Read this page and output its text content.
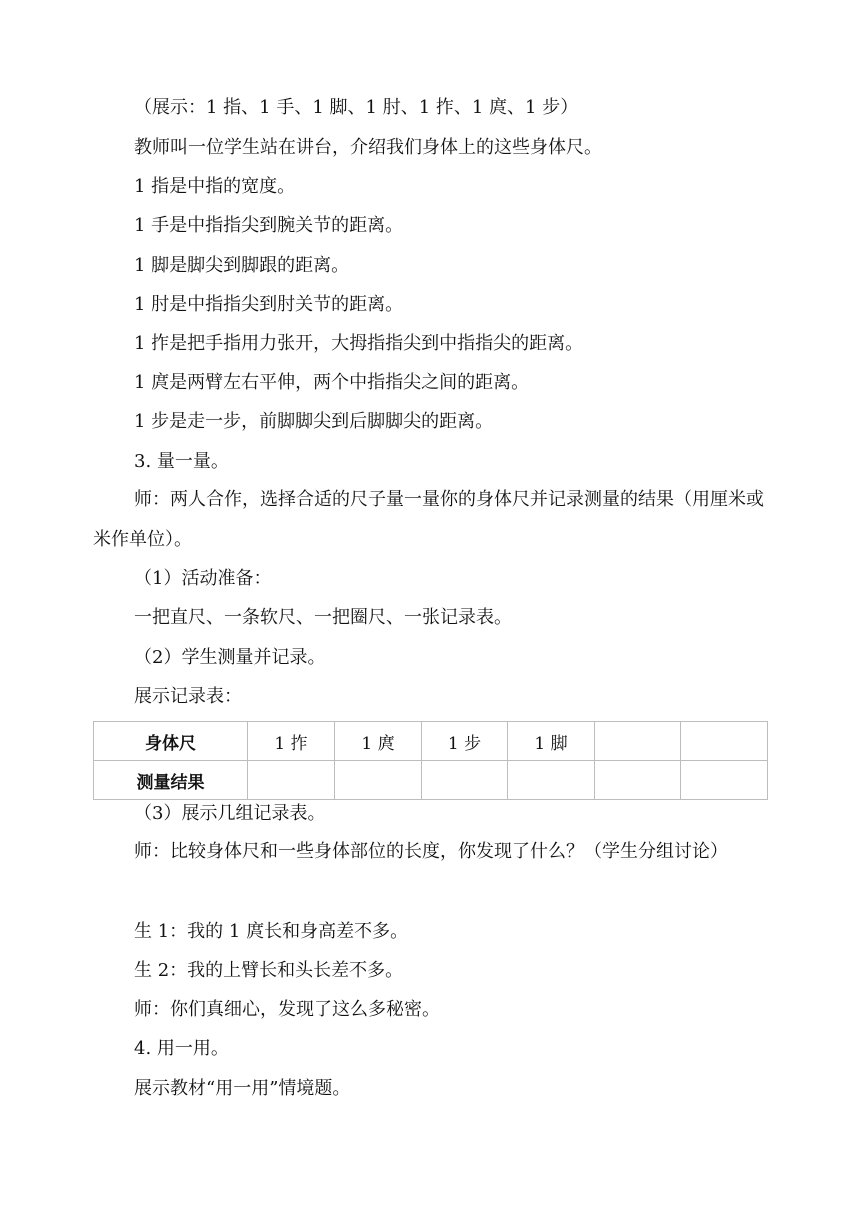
（展示：1 指、1 手、1 脚、1 肘、1 拃、1 庹、1 步）
教师叫一位学生站在讲台，介绍我们身体上的这些身体尺。
1 指是中指的宽度。
1 手是中指指尖到腕关节的距离。
1 脚是脚尖到脚跟的距离。
1 肘是中指指尖到肘关节的距离。
1 拃是把手指用力张开，大拇指指尖到中指指尖的距离。
1 庹是两臂左右平伸，两个中指指尖之间的距离。
1 步是走一步，前脚脚尖到后脚脚尖的距离。
3. 量一量。
师：两人合作，选择合适的尺子量一量你的身体尺并记录测量的结果（用厘米或米作单位）。
（1）活动准备：
一把直尺、一条软尺、一把圈尺、一张记录表。
（2）学生测量并记录。
展示记录表：
身体尺	1 拃	1 庹	1 步	1 脚		
测量结果						
（3）展示几组记录表。
师：比较身体尺和一些身体部位的长度，你发现了什么？（学生分组讨论）
生 1：我的 1 庹长和身高差不多。
生 2：我的上臂长和头长差不多。
师：你们真细心，发现了这么多秘密。
4. 用一用。
展示教材“用一用”情境题。
